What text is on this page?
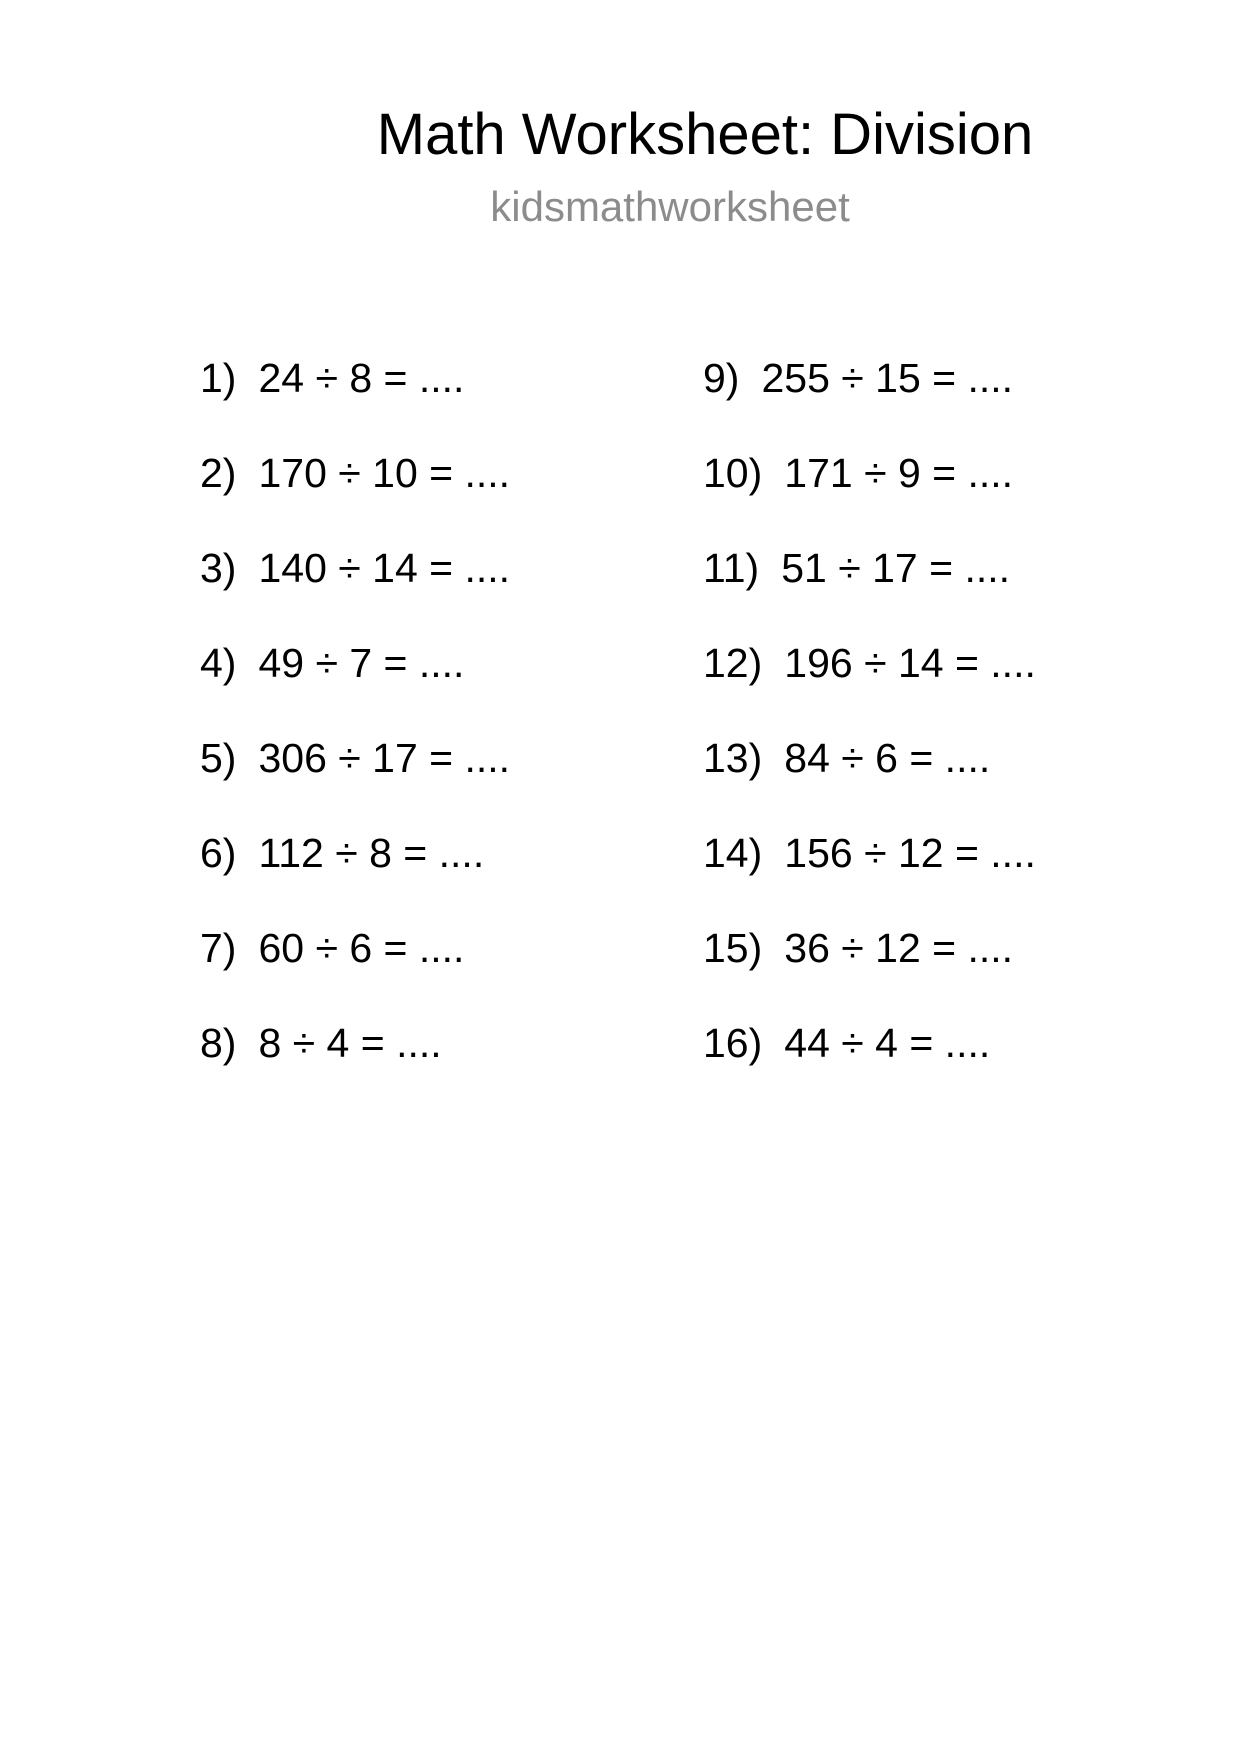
Math Worksheet: Division
kidsmathworksheet
1) 24 ÷ 8 = ....
2) 170 ÷ 10 = ....
3) 140 ÷ 14 = ....
4) 49 ÷ 7 = ....
5) 306 ÷ 17 = ....
6) 112 ÷ 8 = ....
7) 60 ÷ 6 = ....
8) 8 ÷ 4 = ....
9) 255 ÷ 15 = ....
10) 171 ÷ 9 = ....
11) 51 ÷ 17 = ....
12) 196 ÷ 14 = ....
13) 84 ÷ 6 = ....
14) 156 ÷ 12 = ....
15) 36 ÷ 12 = ....
16) 44 ÷ 4 = ....
